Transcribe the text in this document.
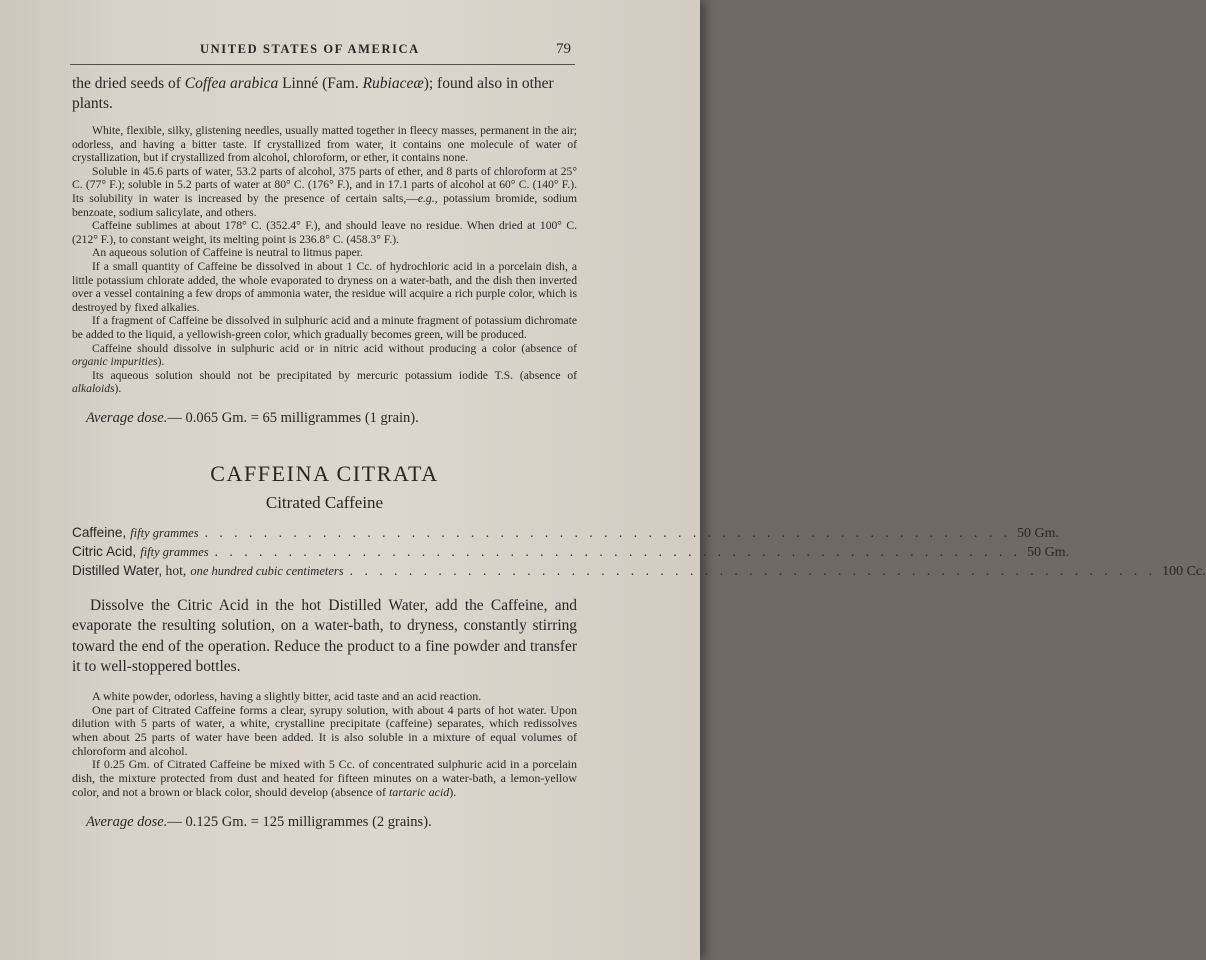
UNITED STATES OF AMERICA	79

the dried seeds of Coffea arabica Linné (Fam. Rubiaceæ); found also in other plants.

White, flexible, silky, glistening needles, usually matted together in fleecy masses, permanent in the air; odorless, and having a bitter taste. If crystallized from water, it contains one molecule of water of crystallization, but if crystallized from alcohol, chloroform, or ether, it contains none.

Soluble in 45.6 parts of water, 53.2 parts of alcohol, 375 parts of ether, and 8 parts of chloroform at 25° C. (77° F.); soluble in 5.2 parts of water at 80° C. (176° F.), and in 17.1 parts of alcohol at 60° C. (140° F.). Its solubility in water is increased by the presence of certain salts,—e.g., potassium bromide, sodium benzoate, sodium salicylate, and others.

Caffeine sublimes at about 178° C. (352.4° F.), and should leave no residue. When dried at 100° C. (212° F.), to constant weight, its melting point is 236.8° C. (458.3° F.).

An aqueous solution of Caffeine is neutral to litmus paper.

If a small quantity of Caffeine be dissolved in about 1 Cc. of hydrochloric acid in a porcelain dish, a little potassium chlorate added, the whole evaporated to dryness on a water-bath, and the dish then inverted over a vessel containing a few drops of ammonia water, the residue will acquire a rich purple color, which is destroyed by fixed alkalies.

If a fragment of Caffeine be dissolved in sulphuric acid and a minute fragment of potassium dichromate be added to the liquid, a yellowish-green color, which gradually becomes green, will be produced.

Caffeine should dissolve in sulphuric acid or in nitric acid without producing a color (absence of organic impurities).

Its aqueous solution should not be precipitated by mercuric potassium iodide T.S. (absence of alkaloids).

Average dose.— 0.065 Gm. = 65 milligrammes (1 grain).

CAFFEINA CITRATA
Citrated Caffeine
Caffeine, fifty grammes . . . . . . . . . . . . . . . . . . . . . . . . . . . . . . . . . . . . . . . . . . . . . . . . . . . . . . . 50 Gm.
Citric Acid, fifty grammes . . . . . . . . . . . . . . . . . . . . . . . . . . . . . . . . . . . . . . . . . . . . . . . . . . . . . . . 50 Gm.
Distilled Water, hot, one hundred cubic centimeters . . . . . . . . . . . . . . . . . . . . . . . . . . . . . . . . . . . . . . . . . . . . . . . . . . . . . . . 100 Cc.

Dissolve the Citric Acid in the hot Distilled Water, add the Caffeine, and evaporate the resulting solution, on a water-bath, to dryness, constantly stirring toward the end of the operation. Reduce the product to a fine powder and transfer it to well-stoppered bottles.

A white powder, odorless, having a slightly bitter, acid taste and an acid reaction.

One part of Citrated Caffeine forms a clear, syrupy solution, with about 4 parts of hot water. Upon dilution with 5 parts of water, a white, crystalline precipitate (caffeine) separates, which redissolves when about 25 parts of water have been added. It is also soluble in a mixture of equal volumes of chloroform and alcohol.

If 0.25 Gm. of Citrated Caffeine be mixed with 5 Cc. of concentrated sulphuric acid in a porcelain dish, the mixture protected from dust and heated for fifteen minutes on a water-bath, a lemon-yellow color, and not a brown or black color, should develop (absence of tartaric acid).

Average dose.— 0.125 Gm. = 125 milligrammes (2 grains).
